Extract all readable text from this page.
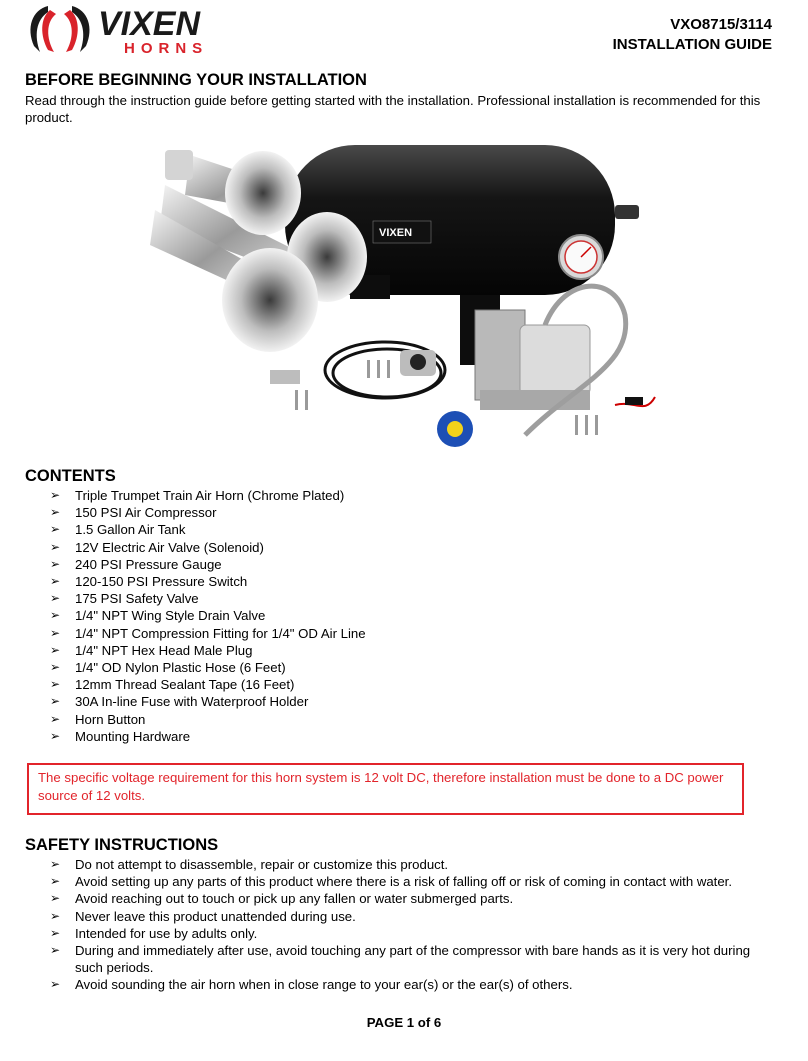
VIXEN
HORNS
VXO8715/3114
INSTALLATION GUIDE
BEFORE BEGINNING YOUR INSTALLATION
Read through the instruction guide before getting started with the installation. Professional installation is recommended for this product.
VIXEN
CONTENTS
➢ Triple Trumpet Train Air Horn (Chrome Plated)
➢ 150 PSI Air Compressor
➢ 1.5 Gallon Air Tank
➢ 12V Electric Air Valve (Solenoid)
➢ 240 PSI Pressure Gauge
➢ 120-150 PSI Pressure Switch
➢ 175 PSI Safety Valve
➢ 1/4" NPT Wing Style Drain Valve
➢ 1/4" NPT Compression Fitting for 1/4" OD Air Line
➢ 1/4" NPT Hex Head Male Plug
➢ 1/4" OD Nylon Plastic Hose (6 Feet)
➢ 12mm Thread Sealant Tape (16 Feet)
➢ 30A In-line Fuse with Waterproof Holder
➢ Horn Button
➢ Mounting Hardware
The specific voltage requirement for this horn system is 12 volt DC, therefore installation must be done to a DC power source of 12 volts.
SAFETY INSTRUCTIONS
➢ Do not attempt to disassemble, repair or customize this product.
➢ Avoid setting up any parts of this product where there is a risk of falling off or risk of coming in contact with water.
➢ Avoid reaching out to touch or pick up any fallen or water submerged parts.
➢ Never leave this product unattended during use.
➢ Intended for use by adults only.
➢ During and immediately after use, avoid touching any part of the compressor with bare hands as it is very hot during such periods.
➢ Avoid sounding the air horn when in close range to your ear(s) or the ear(s) of others.
PAGE 1 of 6
